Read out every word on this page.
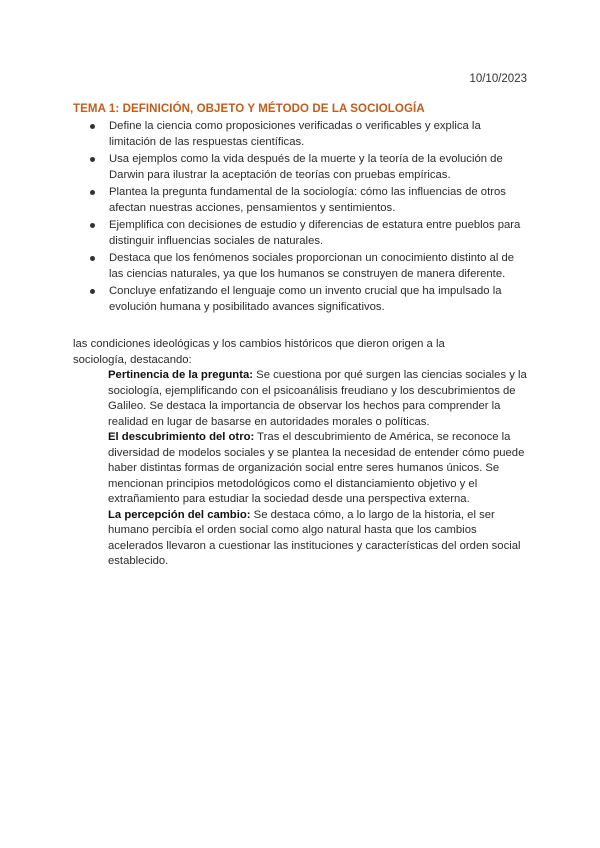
10/10/2023
TEMA 1: DEFINICIÓN, OBJETO Y MÉTODO DE LA SOCIOLOGÍA
Define la ciencia como proposiciones verificadas o verificables y explica la limitación de las respuestas científicas.
Usa ejemplos como la vida después de la muerte y la teoría de la evolución de Darwin para ilustrar la aceptación de teorías con pruebas empíricas.
Plantea la pregunta fundamental de la sociología: cómo las influencias de otros afectan nuestras acciones, pensamientos y sentimientos.
Ejemplifica con decisiones de estudio y diferencias de estatura entre pueblos para distinguir influencias sociales de naturales.
Destaca que los fenómenos sociales proporcionan un conocimiento distinto al de las ciencias naturales, ya que los humanos se construyen de manera diferente.
Concluye enfatizando el lenguaje como un invento crucial que ha impulsado la evolución humana y posibilitado avances significativos.

las condiciones ideológicas y los cambios históricos que dieron origen a la sociología, destacando:

Pertinencia de la pregunta: Se cuestiona por qué surgen las ciencias sociales y la sociología, ejemplificando con el psicoanálisis freudiano y los descubrimientos de Galileo. Se destaca la importancia de observar los hechos para comprender la realidad en lugar de basarse en autoridades morales o políticas.

El descubrimiento del otro: Tras el descubrimiento de América, se reconoce la diversidad de modelos sociales y se plantea la necesidad de entender cómo puede haber distintas formas de organización social entre seres humanos únicos. Se mencionan principios metodológicos como el distanciamiento objetivo y el extrañamiento para estudiar la sociedad desde una perspectiva externa.

La percepción del cambio: Se destaca cómo, a lo largo de la historia, el ser humano percibía el orden social como algo natural hasta que los cambios acelerados llevaron a cuestionar las instituciones y características del orden social establecido.
